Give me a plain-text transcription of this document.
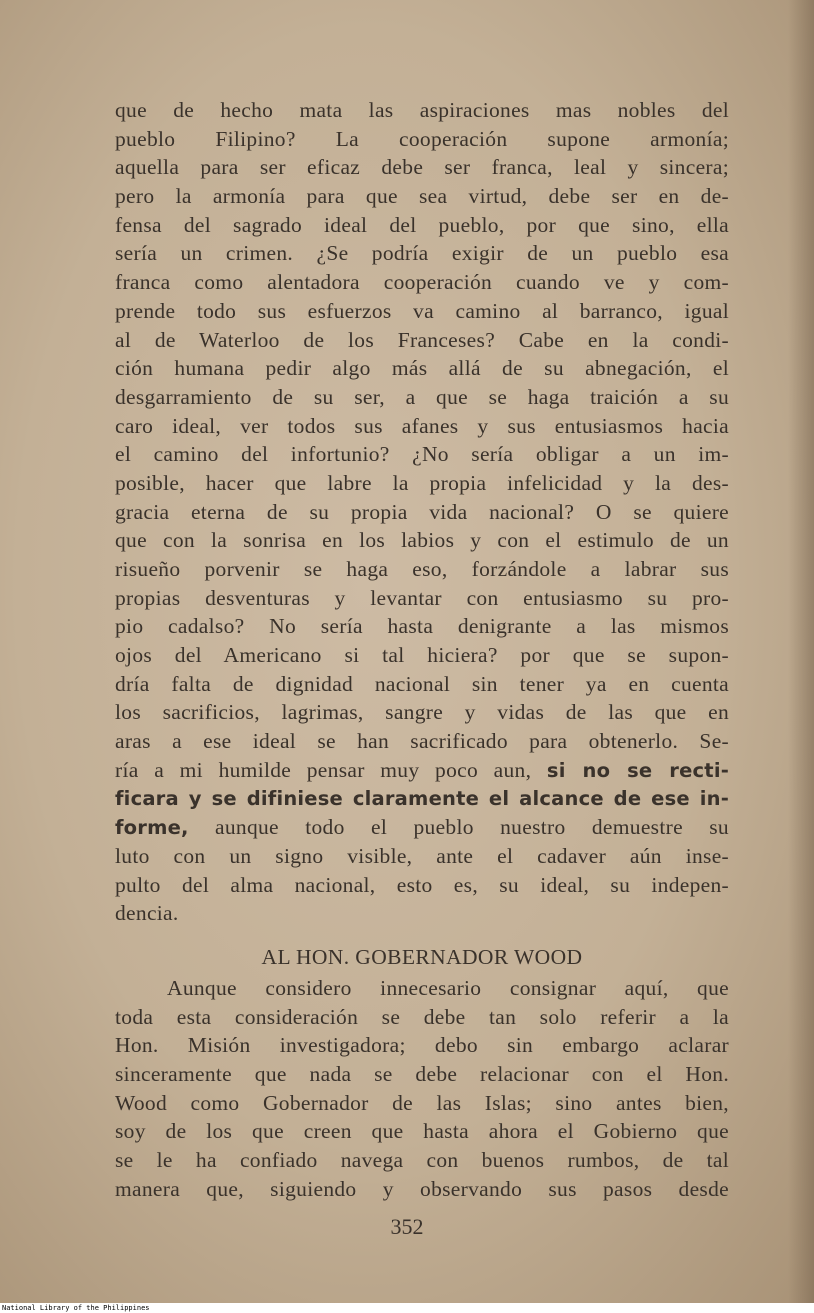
que de hecho mata las aspiraciones mas nobles del
pueblo Filipino? La cooperación supone armonía;
aquella para ser eficaz debe ser franca, leal y sincera;
pero la armonía para que sea virtud, debe ser en de-
fensa del sagrado ideal del pueblo, por que sino, ella
sería un crimen. ¿Se podría exigir de un pueblo esa
franca como alentadora cooperación cuando ve y com-
prende todo sus esfuerzos va camino al barranco, igual
al de Waterloo de los Franceses? Cabe en la condi-
ción humana pedir algo más allá de su abnegación, el
desgarramiento de su ser, a que se haga traición a su
caro ideal, ver todos sus afanes y sus entusiasmos hacia
el camino del infortunio? ¿No sería obligar a un im-
posible, hacer que labre la propia infelicidad y la des-
gracia eterna de su propia vida nacional? O se quiere
que con la sonrisa en los labios y con el estimulo de un
risueño porvenir se haga eso, forzándole a labrar sus
propias desventuras y levantar con entusiasmo su pro-
pio cadalso? No sería hasta denigrante a las mismos
ojos del Americano si tal hiciera? por que se supon-
dría falta de dignidad nacional sin tener ya en cuenta
los sacrificios, lagrimas, sangre y vidas de las que en
aras a ese ideal se han sacrificado para obtenerlo. Se-
ría a mi humilde pensar muy poco aun, si no se recti-
ficara y se difiniese claramente el alcance de ese in-
forme, aunque todo el pueblo nuestro demuestre su
luto con un signo visible, ante el cadaver aún inse-
pulto del alma nacional, esto es, su ideal, su indepen-
dencia.
AL HON. GOBERNADOR WOOD
Aunque considero innecesario consignar aquí, que
toda esta consideración se debe tan solo referir a la
Hon. Misión investigadora; debo sin embargo aclarar
sinceramente que nada se debe relacionar con el Hon.
Wood como Gobernador de las Islas; sino antes bien,
soy de los que creen que hasta ahora el Gobierno que
se le ha confiado navega con buenos rumbos, de tal
manera que, siguiendo y observando sus pasos desde
352
National Library of the Philippines
